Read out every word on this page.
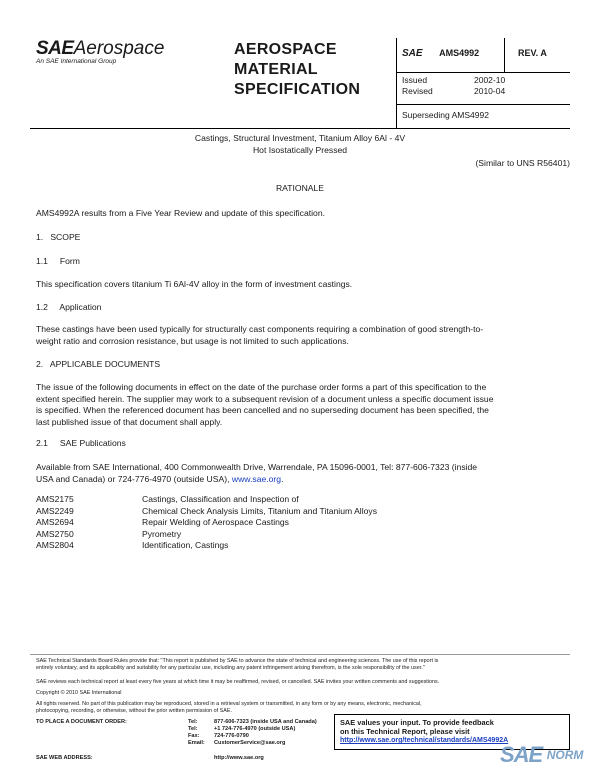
SAEAerospace
An SAE International Group
AEROSPACE
MATERIAL
SPECIFICATION
SAE AMS4992	REV. A
Issued	2002-10
Revised	2010-04
Superseding AMS4992
Castings, Structural Investment, Titanium Alloy 6Al - 4V
Hot Isostatically Pressed
(Similar to UNS R56401)
RATIONALE
AMS4992A results from a Five Year Review and update of this specification.
1.   SCOPE
1.1     Form
This specification covers titanium Ti 6Al-4V alloy in the form of investment castings.
1.2     Application
These castings have been used typically for structurally cast components requiring a combination of good strength-to-
weight ratio and corrosion resistance, but usage is not limited to such applications.
2.   APPLICABLE DOCUMENTS
The issue of the following documents in effect on the date of the purchase order forms a part of this specification to the
extent specified herein. The supplier may work to a subsequent revision of a document unless a specific document issue
is specified. When the referenced document has been cancelled and no superseding document has been specified, the
last published issue of that document shall apply.
2.1     SAE Publications
Available from SAE International, 400 Commonwealth Drive, Warrendale, PA 15096-0001, Tel: 877-606-7323 (inside
USA and Canada) or 724-776-4970 (outside USA), www.sae.org.
AMS2175	Castings, Classification and Inspection of
AMS2249	Chemical Check Analysis Limits, Titanium and Titanium Alloys
AMS2694	Repair Welding of Aerospace Castings
AMS2750	Pyrometry
AMS2804	Identification, Castings
SAE Technical Standards Board Rules provide that: "This report is published by SAE to advance the state of technical and engineering sciences. The use of this report is
entirely voluntary, and its applicability and suitability for any particular use, including any patent infringement arising therefrom, is the sole responsibility of the user."
SAE reviews each technical report at least every five years at which time it may be reaffirmed, revised, or cancelled. SAE invites your written comments and suggestions.
Copyright © 2010 SAE International
All rights reserved. No part of this publication may be reproduced, stored in a retrieval system or transmitted, in any form or by any means, electronic, mechanical,
photocopying, recording, or otherwise, without the prior written permission of SAE.
TO PLACE A DOCUMENT ORDER:	Tel:	877-606-7323 (inside USA and Canada)
Tel:	+1 724-776-4970 (outside USA)
Fax:	724-776-0790
Email:	CustomerService@sae.org
SAE WEB ADDRESS:	http://www.sae.org
SAE values your input. To provide feedback
on this Technical Report, please visit
http://www.sae.org/technical/standards/AMS4992A
SAE NORM
